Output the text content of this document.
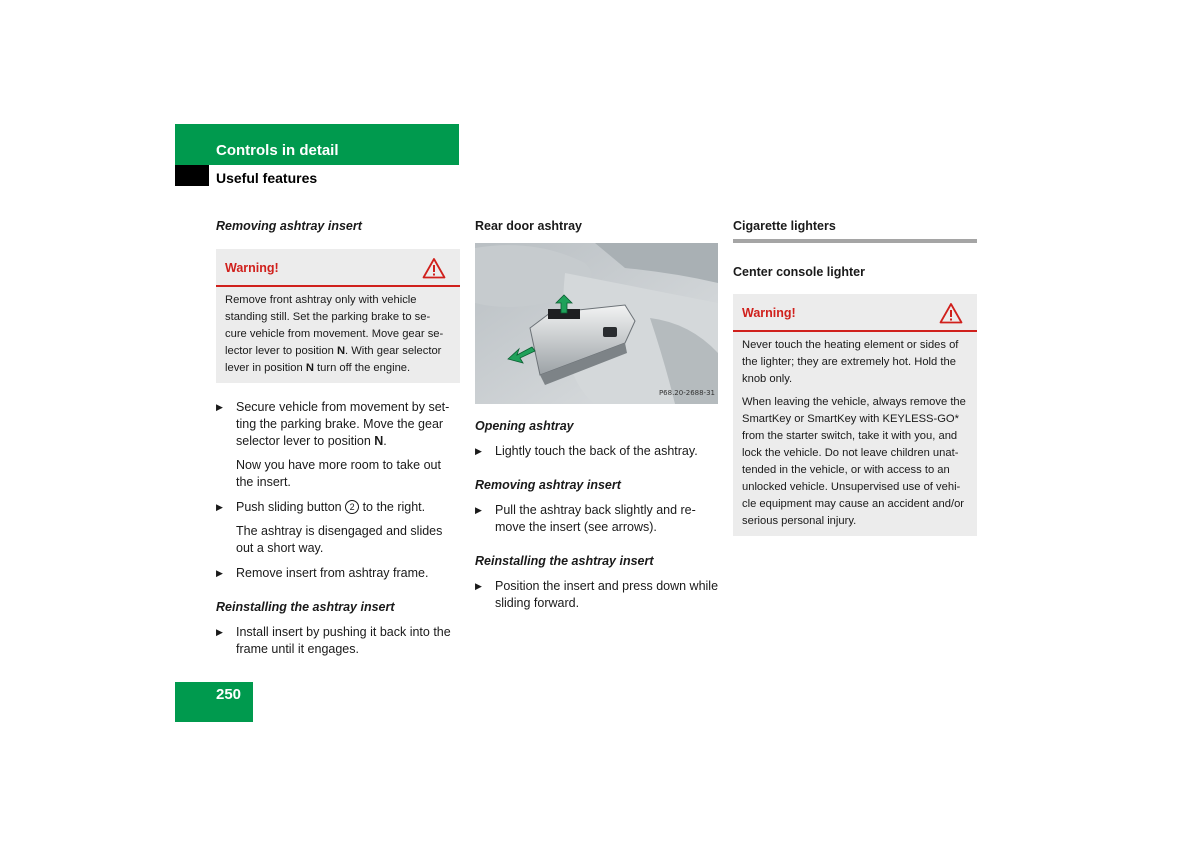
Controls in detail
Useful features
Removing ashtray insert
Warning!

Remove front ashtray only with vehicle standing still. Set the parking brake to se-cure vehicle from movement. Move gear se-lector lever to position N. With gear selector lever in position N turn off the engine.

▶	Secure vehicle from movement by set-ting the parking brake. Move the gear selector lever to position N.
Now you have more room to take out the insert.
▶	Push sliding button 2 to the right.
The ashtray is disengaged and slides out a short way.
▶	Remove insert from ashtray frame.
Reinstalling the ashtray insert
▶	Install insert by pushing it back into the frame until it engages.
Rear door ashtray
P68.20-2688-31
Opening ashtray
▶	Lightly touch the back of the ashtray.
Removing ashtray insert
▶	Pull the ashtray back slightly and re-move the insert (see arrows).
Reinstalling the ashtray insert
▶	Position the insert and press down while sliding forward.
Cigarette lighters
Center console lighter
Warning!

Never touch the heating element or sides of the lighter; they are extremely hot. Hold the knob only.

When leaving the vehicle, always remove the SmartKey or SmartKey with KEYLESS-GO* from the starter switch, take it with you, and lock the vehicle. Do not leave children unat-tended in the vehicle, or with access to an unlocked vehicle. Unsupervised use of vehi-cle equipment may cause an accident and/or serious personal injury.

250
